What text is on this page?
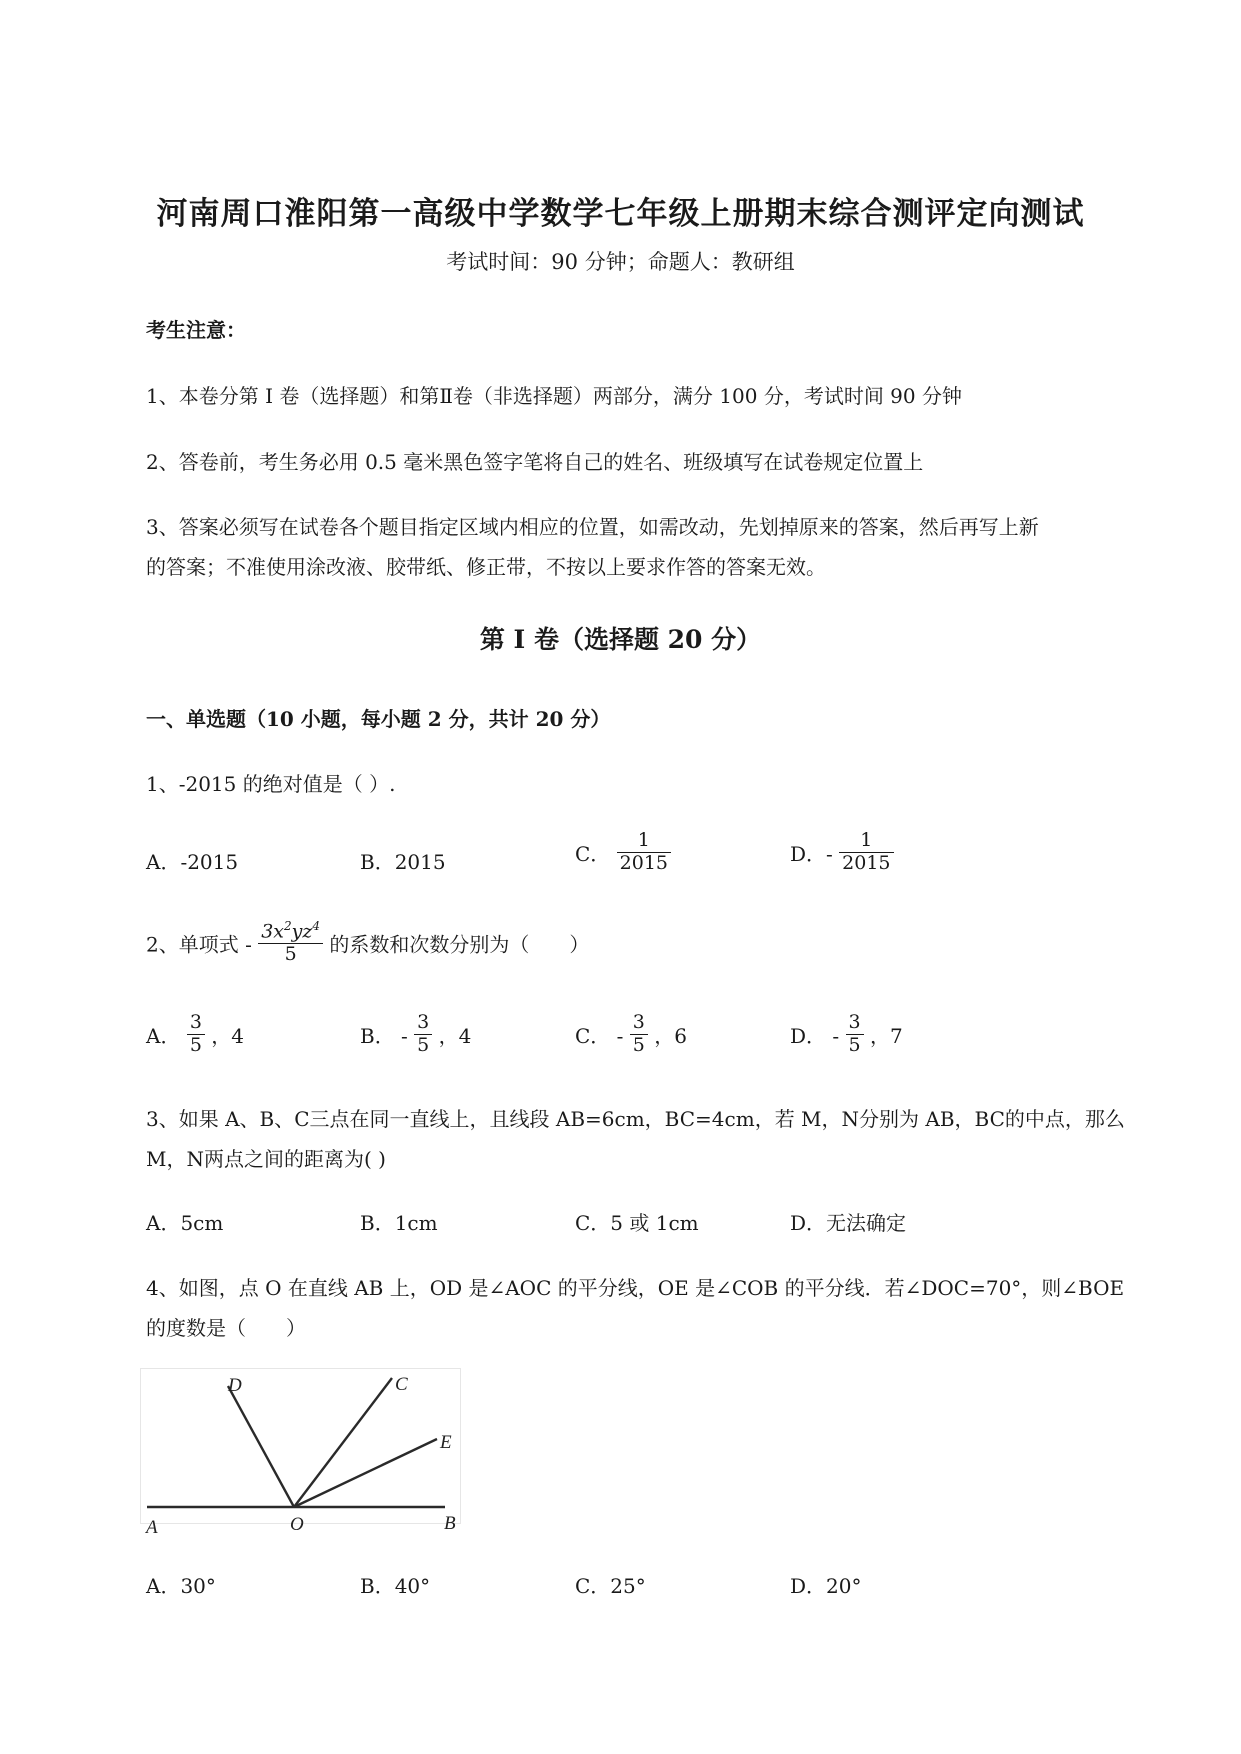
河南周口淮阳第一高级中学数学七年级上册期末综合测评定向测试
考试时间：90 分钟；命题人：教研组
考生注意：
1、本卷分第 I 卷（选择题）和第Ⅱ卷（非选择题）两部分，满分 100 分，考试时间 90 分钟
2、答卷前，考生务必用 0.5 毫米黑色签字笔将自己的姓名、班级填写在试卷规定位置上
3、答案必须写在试卷各个题目指定区域内相应的位置，如需改动，先划掉原来的答案，然后再写上新
的答案；不准使用涂改液、胶带纸、修正带，不按以上要求作答的答案无效。
第 I 卷（选择题 20 分）
一、单选题（10 小题，每小题 2 分，共计 20 分）
1、-2015 的绝对值是（ ）.
A．-2015	B．2015	C． $\frac{1}{2015}$	D．- $\frac{1}{2015}$
2、单项式 - $\frac{3x^2yz^4}{5}$ 的系数和次数分别为（　　）
A． $\frac{3}{5}$ ，4	B． - $\frac{3}{5}$ ，4	C． - $\frac{3}{5}$ ，6	D． - $\frac{3}{5}$ ，7
3、如果 A、B、C三点在同一直线上，且线段 AB=6cm，BC=4cm，若 M，N分别为 AB，BC的中点，那么
M，N两点之间的距离为( )
A．5cm	B．1cm	C．5 或 1cm	D．无法确定
4、如图，点 O 在直线 AB 上，OD 是∠AOC 的平分线，OE 是∠COB 的平分线．若∠DOC=70°，则∠BOE
的度数是（　　）
A	B
O
C
D
E
A．30°	B．40°	C．25°	D．20°
